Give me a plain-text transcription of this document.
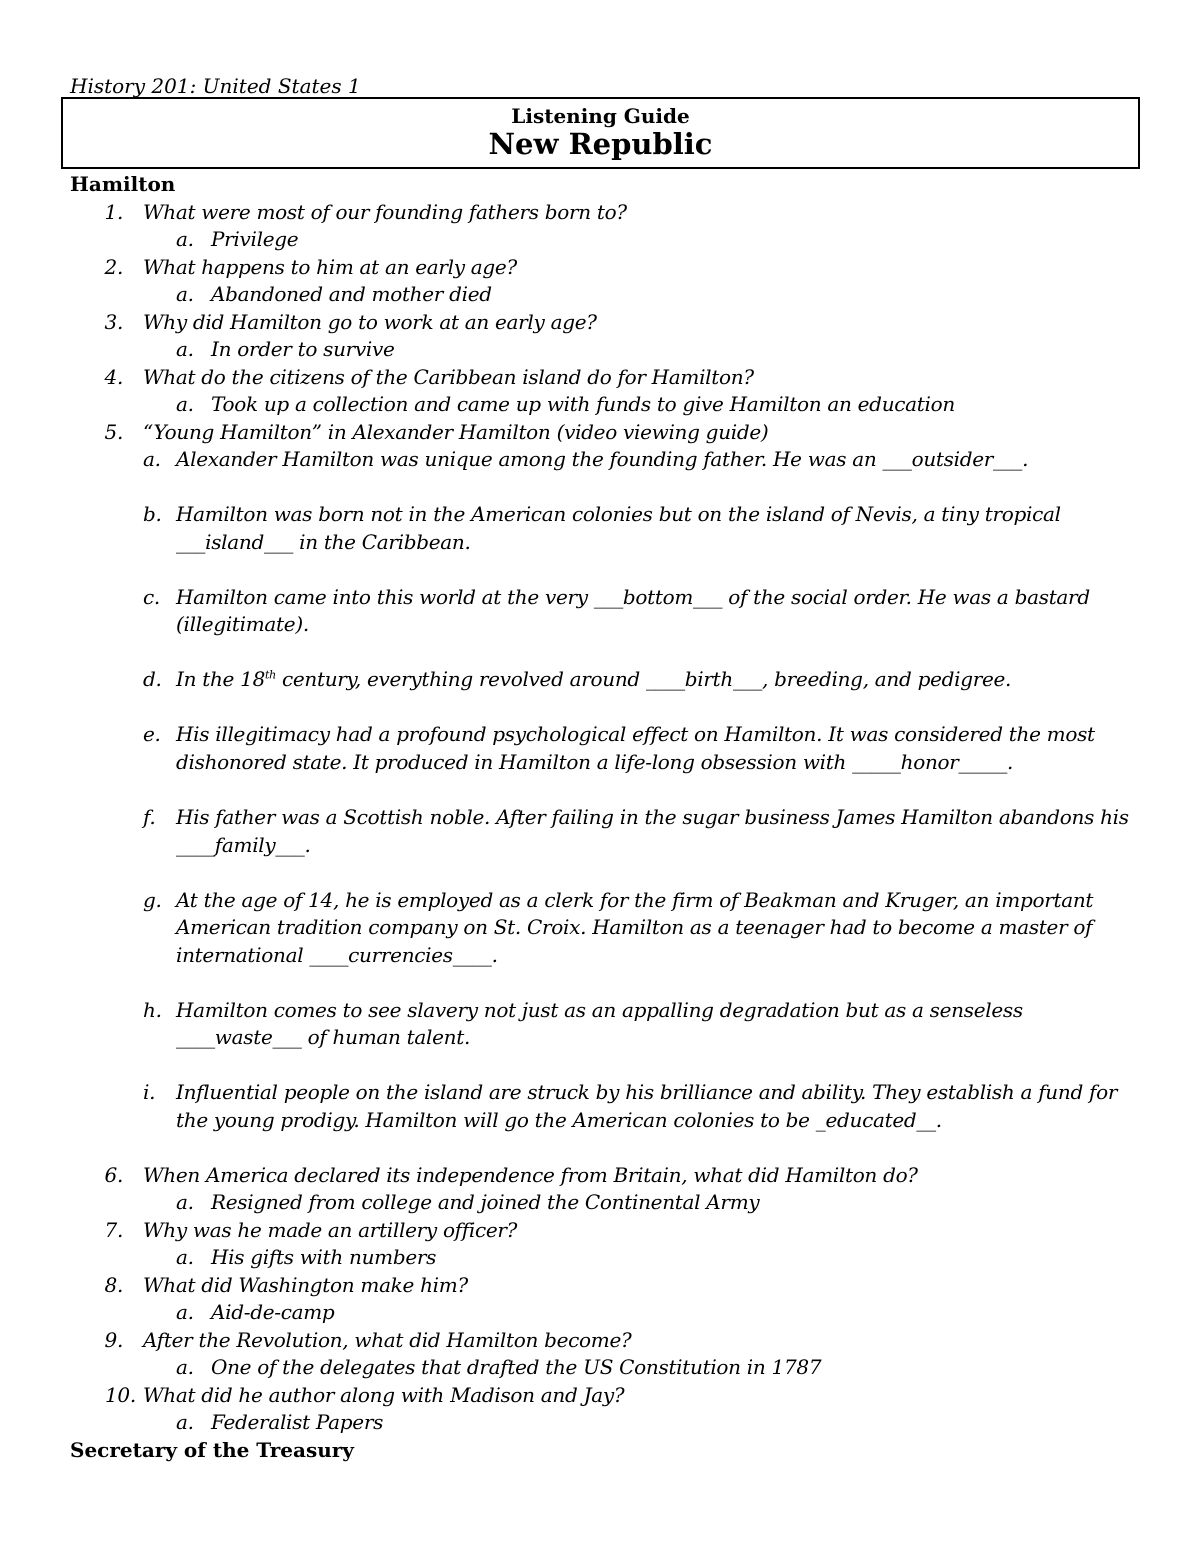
History 201: United States 1
Listening Guide
New Republic
Hamilton
1. What were most of our founding fathers born to?
a. Privilege
2. What happens to him at an early age?
a. Abandoned and mother died
3. Why did Hamilton go to work at an early age?
a. In order to survive
4. What do the citizens of the Caribbean island do for Hamilton?
a. Took up a collection and came up with funds to give Hamilton an education
5. “Young Hamilton” in Alexander Hamilton (video viewing guide)
a. Alexander Hamilton was unique among the founding father. He was an ___outsider___.
b. Hamilton was born not in the American colonies but on the island of Nevis, a tiny tropical
___island___ in the Caribbean.
c. Hamilton came into this world at the very ___bottom___ of the social order. He was a bastard
(illegitimate).
d. In the 18th century, everything revolved around ____birth___, breeding, and pedigree.
e. His illegitimacy had a profound psychological effect on Hamilton. It was considered the most
dishonored state. It produced in Hamilton a life-long obsession with _____honor_____.
f. His father was a Scottish noble. After failing in the sugar business James Hamilton abandons his
____family___.
g. At the age of 14, he is employed as a clerk for the firm of Beakman and Kruger, an important
American tradition company on St. Croix. Hamilton as a teenager had to become a master of
international ____currencies____.
h. Hamilton comes to see slavery not just as an appalling degradation but as a senseless
____waste___ of human talent.
i. Influential people on the island are struck by his brilliance and ability. They establish a fund for
the young prodigy. Hamilton will go the American colonies to be _educated__.
6. When America declared its independence from Britain, what did Hamilton do?
a. Resigned from college and joined the Continental Army
7. Why was he made an artillery officer?
a. His gifts with numbers
8. What did Washington make him?
a. Aid-de-camp
9. After the Revolution, what did Hamilton become?
a. One of the delegates that drafted the US Constitution in 1787
10. What did he author along with Madison and Jay?
a. Federalist Papers
Secretary of the Treasury
